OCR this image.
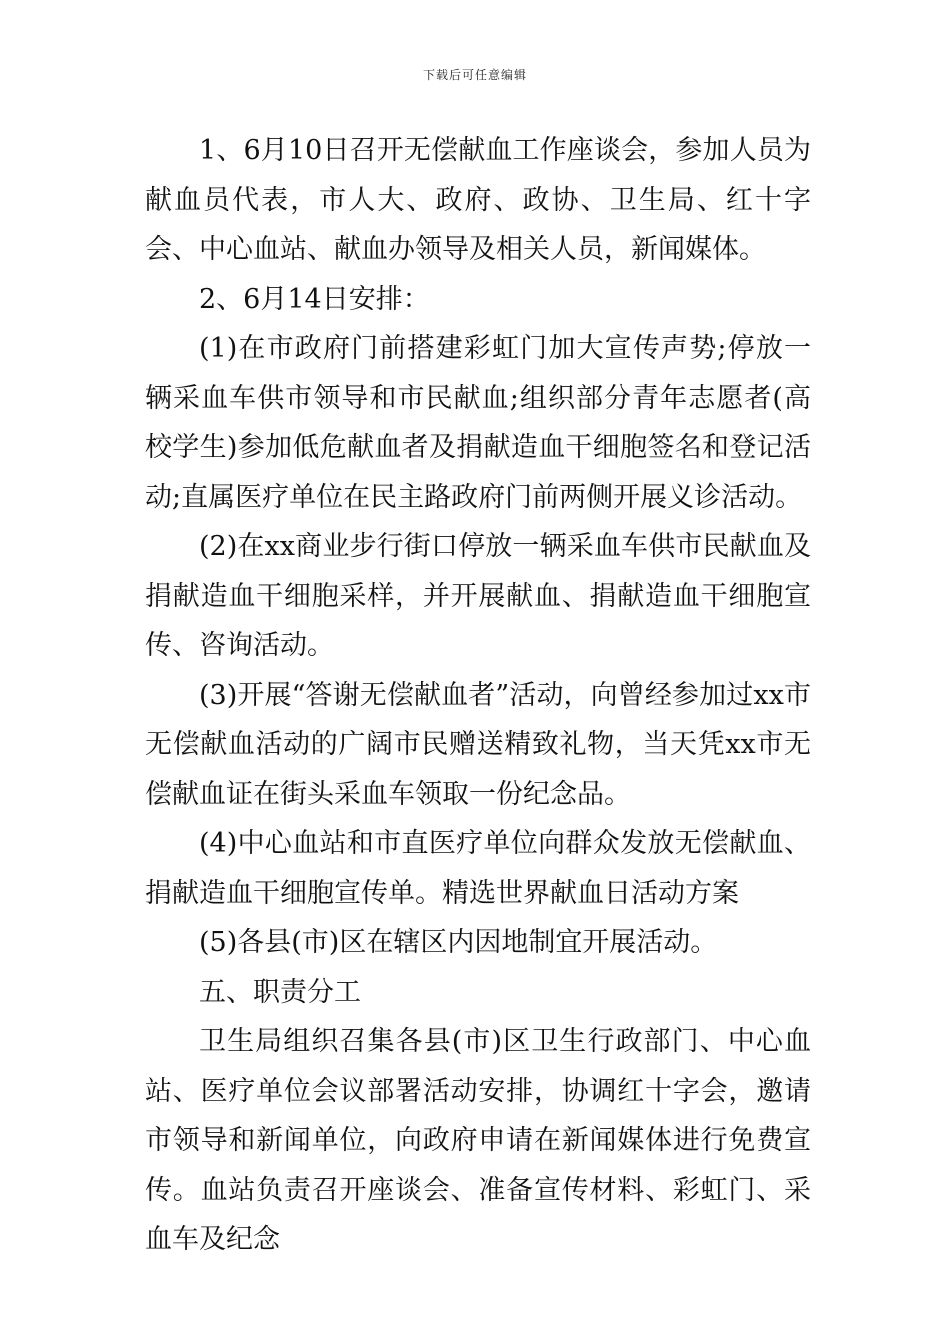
下载后可任意编辑

1、6月10日召开无偿献血工作座谈会，参加人员为献血员代表，市人大、政府、政协、卫生局、红十字会、中心血站、献血办领导及相关人员，新闻媒体。

2、6月14日安排：

(1)在市政府门前搭建彩虹门加大宣传声势;停放一辆采血车供市领导和市民献血;组织部分青年志愿者(高校学生)参加低危献血者及捐献造血干细胞签名和登记活动;直属医疗单位在民主路政府门前两侧开展义诊活动。

(2)在xx商业步行街口停放一辆采血车供市民献血及捐献造血干细胞采样，并开展献血、捐献造血干细胞宣传、咨询活动。

(3)开展“答谢无偿献血者”活动，向曾经参加过xx市无偿献血活动的广阔市民赠送精致礼物，当天凭xx市无偿献血证在街头采血车领取一份纪念品。

(4)中心血站和市直医疗单位向群众发放无偿献血、捐献造血干细胞宣传单。精选世界献血日活动方案

(5)各县(市)区在辖区内因地制宜开展活动。

五、职责分工

卫生局组织召集各县(市)区卫生行政部门、中心血站、医疗单位会议部署活动安排，协调红十字会，邀请市领导和新闻单位，向政府申请在新闻媒体进行免费宣传。血站负责召开座谈会、准备宣传材料、彩虹门、采血车及纪念
